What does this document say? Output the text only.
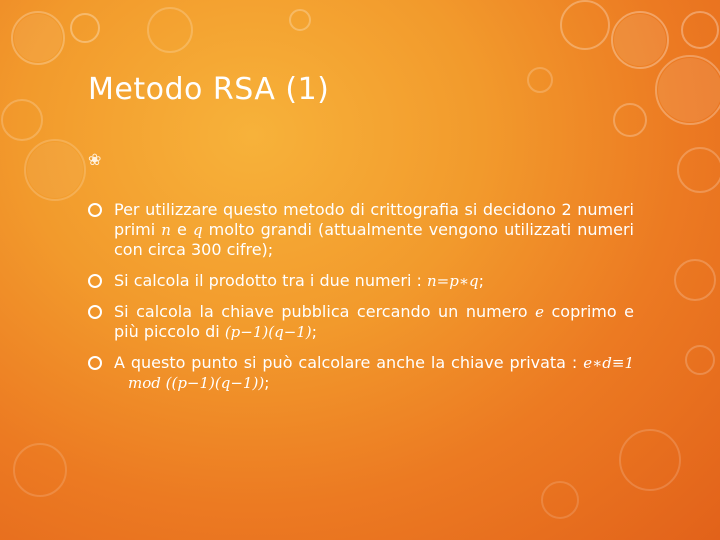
Metodo RSA (1)
❀
Per utilizzare questo metodo di crittografia si decidono 2 numeri primi n e q molto grandi (attualmente vengono utilizzati numeri con circa 300 cifre);
Si calcola il prodotto tra i due numeri : n=p∗q;
Si calcola la chiave pubblica cercando un numero e coprimo e più piccolo di (p−1)(q−1);
A questo punto si può calcolare anche la chiave privata : e∗d≡1mod ((p−1)(q−1));
